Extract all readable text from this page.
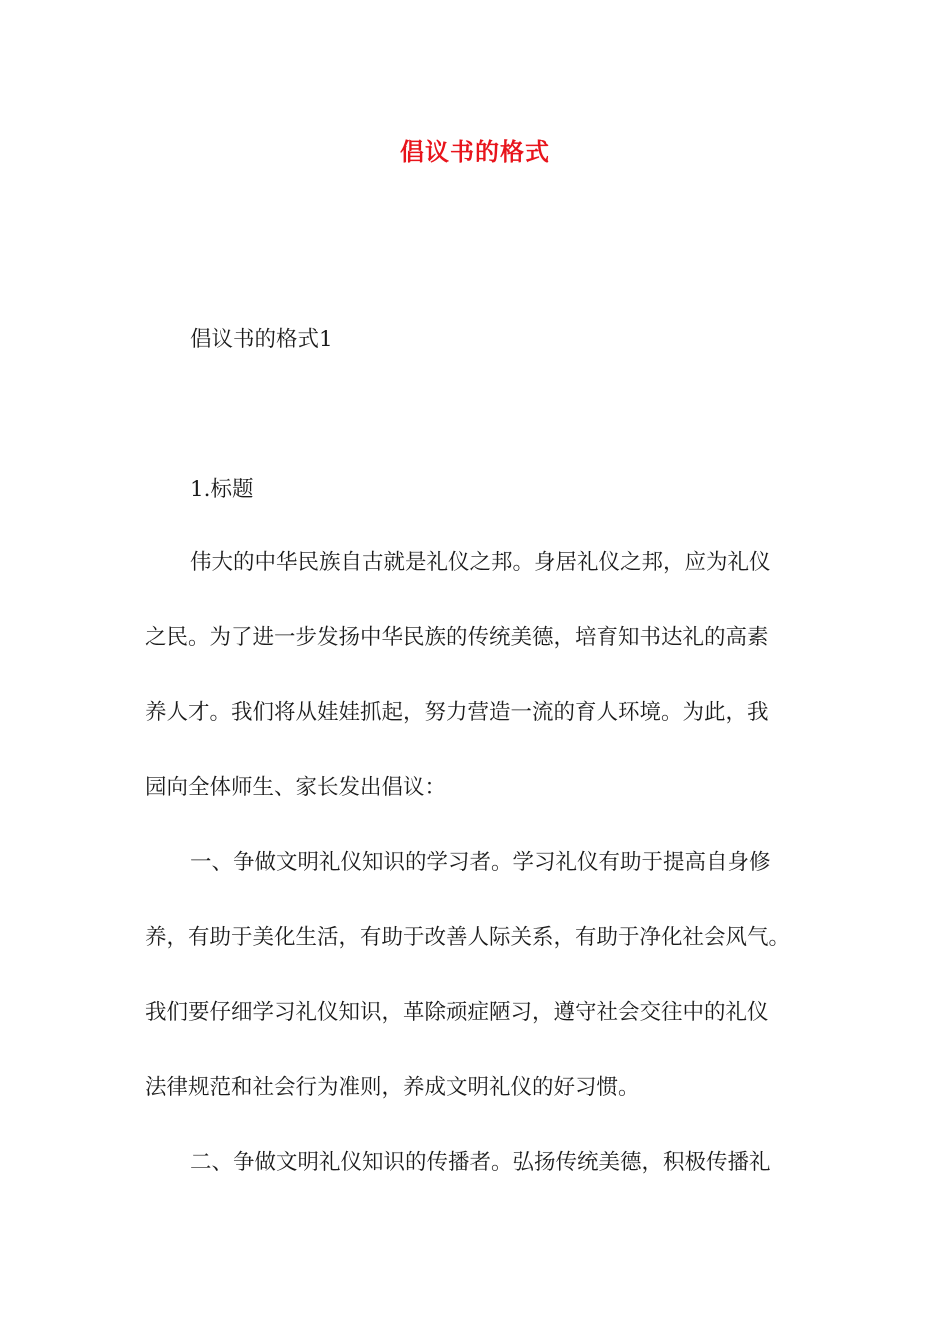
倡议书的格式

倡议书的格式1

1.标题

伟大的中华民族自古就是礼仪之邦。身居礼仪之邦，应为礼仪

之民。为了进一步发扬中华民族的传统美德，培育知书达礼的高素

养人才。我们将从娃娃抓起，努力营造一流的育人环境。为此，我

园向全体师生、家长发出倡议：

一、争做文明礼仪知识的学习者。学习礼仪有助于提高自身修

养，有助于美化生活，有助于改善人际关系，有助于净化社会风气。

我们要仔细学习礼仪知识，革除顽症陋习，遵守社会交往中的礼仪

法律规范和社会行为准则，养成文明礼仪的好习惯。

二、争做文明礼仪知识的传播者。弘扬传统美德，积极传播礼
